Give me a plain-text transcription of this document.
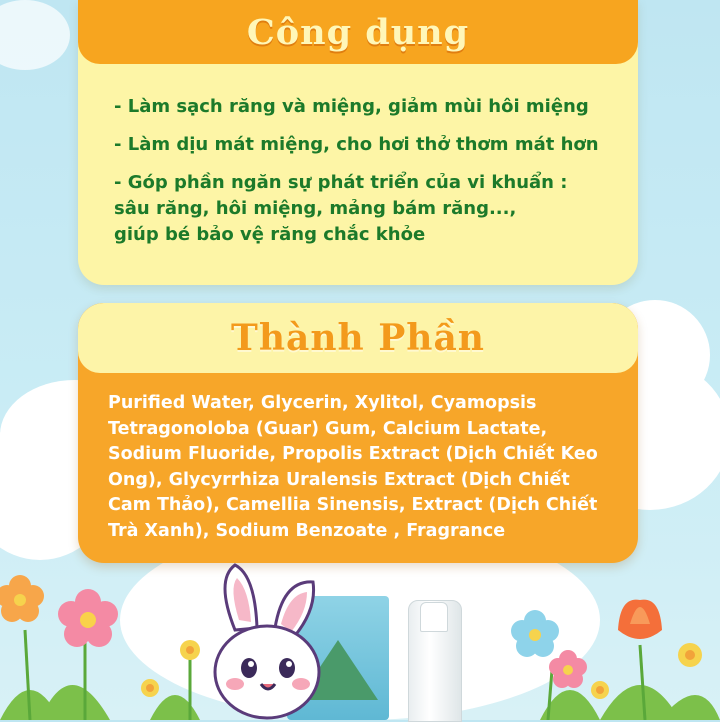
Công dụng
- Làm sạch răng và miệng, giảm mùi hôi miệng
- Làm dịu mát miệng, cho hơi thở thơm mát hơn
- Góp phần ngăn sự phát triển của vi khuẩn :
sâu răng, hôi miệng, mảng bám răng...,
giúp bé bảo vệ răng chắc khỏe
Thành Phần
Purified Water, Glycerin, Xylitol, Cyamopsis Tetragonoloba (Guar) Gum, Calcium Lactate, Sodium Fluoride, Propolis Extract (Dịch Chiết Keo Ong), Glycyrrhiza Uralensis Extract (Dịch Chiết Cam Thảo), Camellia Sinensis, Extract (Dịch Chiết Trà Xanh), Sodium Benzoate , Fragrance
